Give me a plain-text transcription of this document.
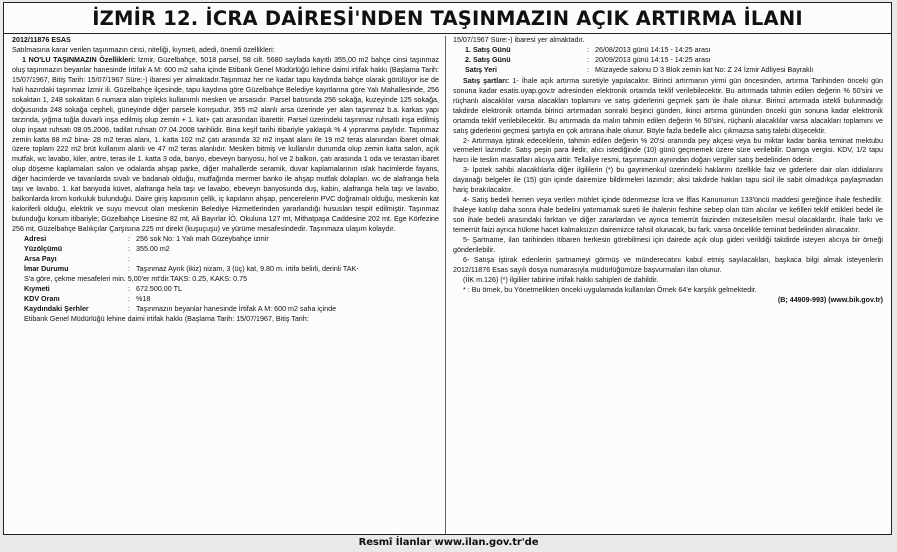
İZMİR 12. İCRA DAİRESİ'NDEN TAŞINMAZIN AÇIK ARTIRMA İLANI

2012/11876 ESAS

Satılmasına karar verilen taşınmazın cinsi, niteliği, kıymeti, adedi, önemli özellikleri:

1 NO'LU TAŞINMAZIN Özellikleri: İzmir, Güzelbahçe, 5018 parsel, 58 cilt. 5680 sayfada kayıtlı 355,00 m2 bahçe cinsi taşınmaz oluş taşınmazın beyanlar hanesinde İrtifak A M: 600 m2 saha içinde Etibank Genel Müdürlüğü lehine daimi irtifak hakkı (Başlama Tarih: 15/07/1967, Bitiş Tarih: 15/07/1967 Süre:-) ibaresi yer almaktadır.Taşınmaz her ne kadar tapu kaydında bahçe olarak görülüyor ise de hali hazırdaki taşınmaz İzmir ili. Güzelbahçe ilçesinde, tapu kaydına göre Güzelbahçe Belediye kayıtlarına göre Yalı Mahallesinde, 256 sokaktan 1, 248 sokaktan 6 numara alan tripleks kullanımlı mesken ve arsasıdır. Parsel batısında 256 sokağa, kuzeyinde 125 sokağa, doğusunda 248 sokağa cepheli, güneyinde diğer parsele komşudur. 355 m2 alanlı arsa üzerinde yer alan taşınmaz b.a. karkas yapı tarzında, yığma tuğla duvarlı inşa edilmiş olup zemin + 1. kat+ çatı arasından ibarettir. Parsel üzerindeki taşınmaz ruhsatlı inşa edilmiş olup inşaat ruhsatı 08.05.2006, tadilat ruhsatı 07.04.2008 tarihlidir. Bina keşif tarihi itibariyle yaklaşık % 4 yıpranma paylıdır. Taşınmaz zemin katta 88 m2 bina- 28 m2 teras alanı, 1. katta 102 m2 çatı arasında 32 m2 inşaat alanı ile 19 m2 teras alanından ibaret olmak üzere toplam 222 m2 brüt kullanım alanlı ve 47 m2 teras alanlıdır. Mesken bitmiş ve kullanılır durumda olup zemin katta salon, açık mutfak, wc lavabo, kiler, antre, teras ile 1. katta 3 oda, banyo, ebeveyn banyosu, hol ve 2 balkon, çatı arasında 1 oda ve terastan ibaret olup döşeme kaplamaları salon ve odalarda ahşap parke, diğer mahallerde seramik, duvar kaplamalarının ıslak hacimlerde fayans, diğer hacimlerde ve tavanlarda sıvalı ve badanalı olduğu, mutfağında mermer banko ile ahşap mutfak dolapları. wc de alafranga hela taşı ve lavabo. 1. kat banyoda küvet, alafranga hela taşı ve lavabo, ebeveyn banyosunda duş, kabin, alafranga hela taşı ve lavabo, balkonlarda krom korkuluk bulunduğu. Daire giriş kapısının çelik, iç kapıların ahşap, pencerelerin PVC doğramalı olduğu, meskenin kat kaloriferli olduğu, elektrik ve suyu mevcut olan meskenin Belediye Hizmetlerinden yararlandığı hususları tespit edilmiştir. Taşınmaz bulunduğu konum itibariyle; Güzelbahçe Lisesine 82 mt, Ali Bayırlar İÖ. Okuluna 127 mt, Mithatpaşa Caddesine 202 mt. Ege Körfezine 256 mt, Güzelbahçe Balıkçılar Çarşısına 225 mt direkt (kuşuçuşu) ve yürüme mesafesindedir. Taşınmaza ulaşım kolaydır.

Adresi	:	256 sok No: 1 Yalı mah Güzeybahçe izmir
Yüzölçümü	:	355.00 m2
Arsa Payı	:	
İmar Durumu	:	Taşınmaz Ayrık (ikiz) nizam, 3 (üç) kat, 9.80 m. irtifa belirli, derinli TAK-

S'a göre, çekme mesafeleri min. 5,00'er mt'dir.TAKS: 0.25, KAKS: 0.75

Kıymeti	:	672.500.00 TL
KDV Oranı	:	%18
Kaydındaki Şerhler	:	Taşınmazın beyanlar hanesinde İrtifak A M: 600 m2 saha içinde

Etibank Genel Müdürlüğü lehine daimi irtifak hakkı (Başlama Tarih: 15/07/1967, Bitiş Tarih:

15/07/1967 Süre:-) ibaresi yer almaktadır.

1. Satış Günü	:	26/08/2013 günü 14:15 - 14:25 arası
2. Satış Günü	:	20/09/2013 günü 14:15 - 14:25 arası
Satış Yeri	:	Müzayede salonu D 3 Blok zemin kat No: Z 24 İzmir Adliyesi Bayraklı

Satış şartları: 1- İhale açık artırma suretiyle yapılacaktır. Birinci artırmanın yirmi gün öncesinden, artırma Tarihinden önceki gün sonuna kadar esatis.uyap.gov.tr adresinden elektronik ortamda teklif verilebilecektir. Bu artırmada tahmin edilen değerin % 50'sini ve rüçhanlı alacaklılar varsa alacakları toplamını ve satış giderlerini geçmek şartı ile ihale olunur. Birinci artırmada istekli bulunmadığı takdirde elektronik ortamda birinci artırmadan sonraki beşinci günden, ikinci artırma gününden önceki gün sonuna kadar elektronik ortamda teklif verilebilecektir. Bu artırmada da malın tahmin edilen değerin % 50'sini, rüçhanlı alacaklılar varsa alacakları toplamını ve satış giderlerini geçmesi şartıyla en çok artırana ihale olunur. Böyle fazla bedelle alıcı çıkmazsa satış talebi düşecektir.

2- Artırmaya iştirak edeceklerin, tahmin edilen değerin % 20'si oranında pey akçesi veya bu miktar kadar banka teminat mektubu vermeleri lazımdır. Satış peşin para iledir, alıcı istediğinde (10) günü geçmemek üzere süre verilebilir. Damga vergisi. KDV, 1/2 tapu harcı ile teslim masrafları alıcıya aittir. Tellaliye resmi, taşınmazın aynından doğan vergiler satış bedelinden ödenir.

3- İpotek sahibi alacaklılarla diğer ilgililerin (*) bu gayrimenkul üzerindeki haklarını özellikle faiz ve giderlere dair olan iddialarını dayanağı belgeler ile (15) gün içinde dairemize bildirmeleri lazımdır; aksi takdirde hakları tapu sicil ile sabit olmadıkça paylaşmadan hariç bırakılacaktır.

4- Satış bedeli hemen veya verilen mühlet içinde ödenmezse İcra ve İflas Kanununun 133'üncü maddesi gereğince ihale feshedilir. İhaleye katılıp daha sonra ihale bedelini yatırmamak sureti ile ihalenin feshine sebep olan tüm alıcılar ve kefilleri teklif ettikleri bedel ile son ihale bedeli arasındaki farktan ve diğer zararlardan ve ayrıca temerrüt faizinden müteselsilen mesul olacaklardır. İhale farkı ve temerrüt faizi ayrıca hükme hacet kalmaksızın dairemizce tahsil olunacak, bu fark. varsa öncelikle teminat bedelinden alınacaktır.

5- Şartname, ilan tarihinden itibaren herkesin görebilmesi için dairede açık olup gideri verildiği takdirde isteyen alıcıya bir örneği gönderilebilir.

6- Satışa iştirak edenlerin şartnameyi görmüş ve münderecatını kabul etmiş sayılacakları, başkaca bilgi almak isteyenlerin 2012/11876 Esas sayılı dosya numarasıyla müdürlüğümüze başvurmaları ilan olunur.

(İİK m.126) (*) ilgililer tabirine irtifak hakkı sahipleri de dahildir.

* : Bu örnek, bu Yönetmelikten önceki uygulamada kullanılan Örnek 64'e karşılık gelmektedir.

(B; 44909-993) (www.bik.gov.tr)

Resmî İlanlar www.ilan.gov.tr'de
